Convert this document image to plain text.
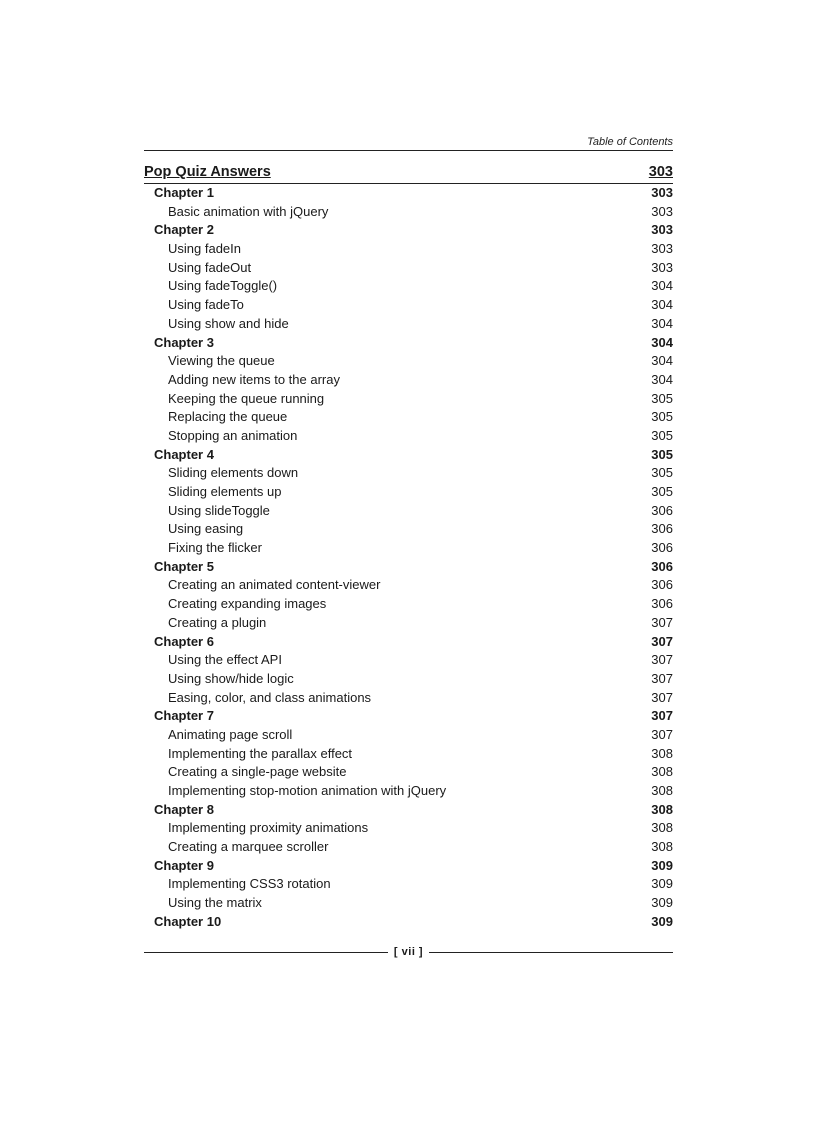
Table of Contents
Pop Quiz Answers	303
Chapter 1	303
Basic animation with jQuery	303
Chapter 2	303
Using fadeIn	303
Using fadeOut	303
Using fadeToggle()	304
Using fadeTo	304
Using show and hide	304
Chapter 3	304
Viewing the queue	304
Adding new items to the array	304
Keeping the queue running	305
Replacing the queue	305
Stopping an animation	305
Chapter 4	305
Sliding elements down	305
Sliding elements up	305
Using slideToggle	306
Using easing	306
Fixing the flicker	306
Chapter 5	306
Creating an animated content-viewer	306
Creating expanding images	306
Creating a plugin	307
Chapter 6	307
Using the effect API	307
Using show/hide logic	307
Easing, color, and class animations	307
Chapter 7	307
Animating page scroll	307
Implementing the parallax effect	308
Creating a single-page website	308
Implementing stop-motion animation with jQuery	308
Chapter 8	308
Implementing proximity animations	308
Creating a marquee scroller	308
Chapter 9	309
Implementing CSS3 rotation	309
Using the matrix	309
Chapter 10	309
[ vii ]
